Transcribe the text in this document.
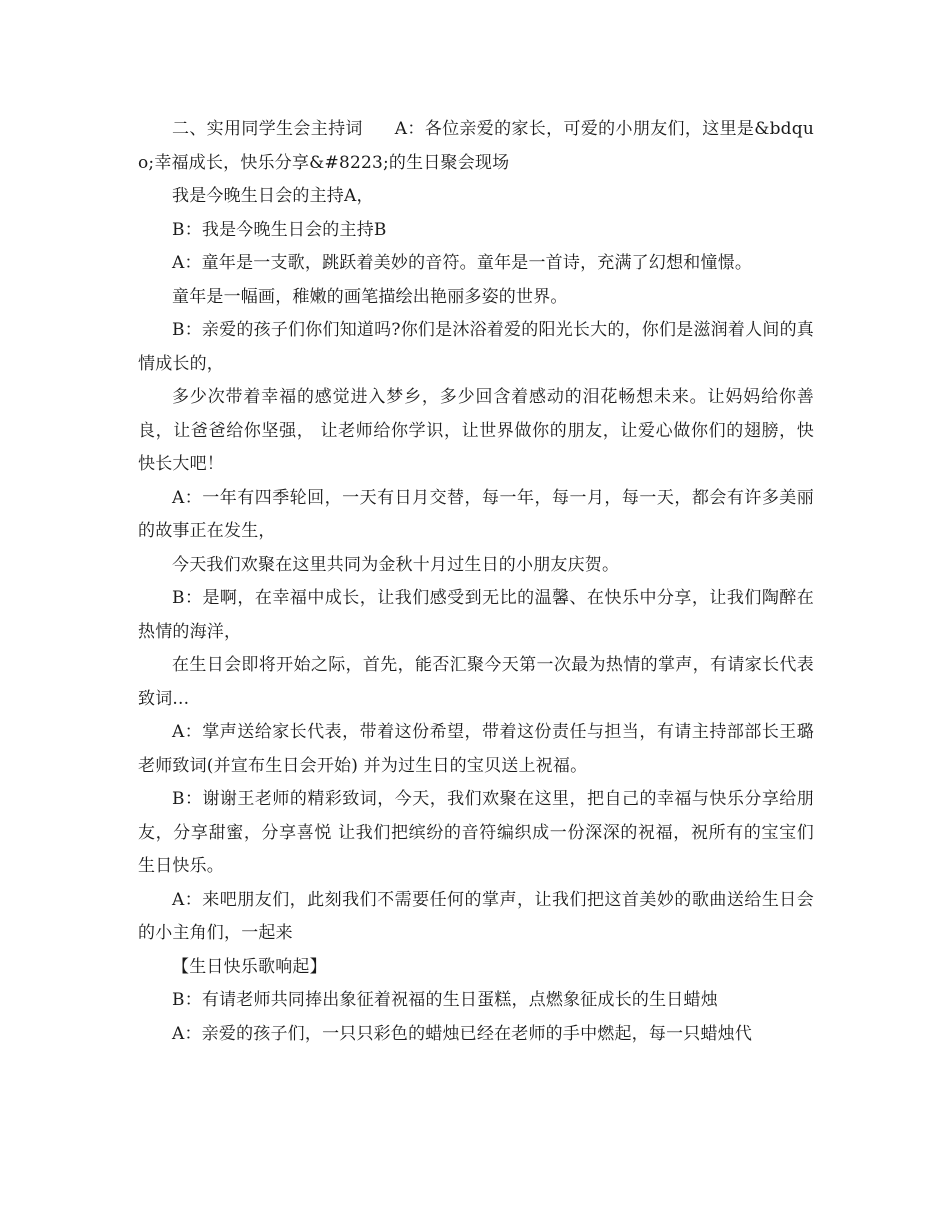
二、实用同学生会主持词 A：各位亲爱的家长，可爱的小朋友们，这里是&bdquo;幸福成长，快乐分享&#8223;的生日聚会现场

我是今晚生日会的主持A，

B：我是今晚生日会的主持B

A：童年是一支歌，跳跃着美妙的音符。童年是一首诗，充满了幻想和憧憬。

童年是一幅画，稚嫩的画笔描绘出艳丽多姿的世界。

B：亲爱的孩子们你们知道吗?你们是沐浴着爱的阳光长大的，你们是滋润着人间的真情成长的，

多少次带着幸福的感觉进入梦乡，多少回含着感动的泪花畅想未来。让妈妈给你善良，让爸爸给你坚强， 让老师给你学识，让世界做你的朋友，让爱心做你们的翅膀，快快长大吧！

A：一年有四季轮回，一天有日月交替，每一年，每一月，每一天，都会有许多美丽的故事正在发生，

今天我们欢聚在这里共同为金秋十月过生日的小朋友庆贺。

B：是啊，在幸福中成长，让我们感受到无比的温馨、在快乐中分享，让我们陶醉在热情的海洋，

在生日会即将开始之际，首先，能否汇聚今天第一次最为热情的掌声，有请家长代表致词...

A：掌声送给家长代表，带着这份希望，带着这份责任与担当，有请主持部部长王璐老师致词(并宣布生日会开始) 并为过生日的宝贝送上祝福。

B：谢谢王老师的精彩致词，今天，我们欢聚在这里，把自己的幸福与快乐分享给朋友，分享甜蜜，分享喜悦 让我们把缤纷的音符编织成一份深深的祝福，祝所有的宝宝们生日快乐。

A：来吧朋友们，此刻我们不需要任何的掌声，让我们把这首美妙的歌曲送给生日会的小主角们，一起来

【生日快乐歌响起】

B：有请老师共同捧出象征着祝福的生日蛋糕，点燃象征成长的生日蜡烛

A：亲爱的孩子们，一只只彩色的蜡烛已经在老师的手中燃起，每一只蜡烛代
